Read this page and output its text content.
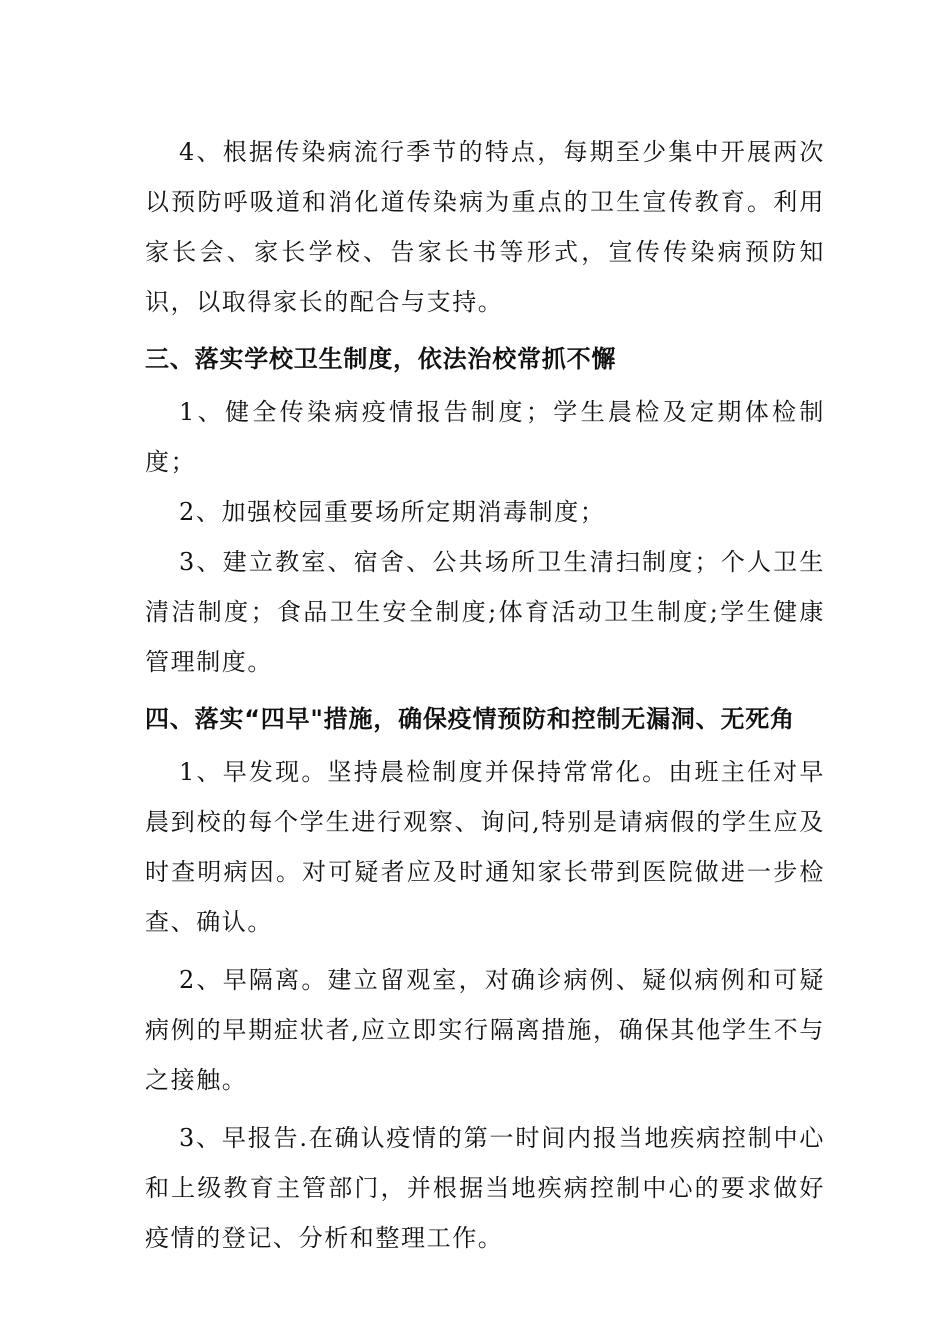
4、根据传染病流行季节的特点，每期至少集中开展两次以预防呼吸道和消化道传染病为重点的卫生宣传教育。利用家长会、家长学校、告家长书等形式，宣传传染病预防知识，以取得家长的配合与支持。

三、落实学校卫生制度，依法治校常抓不懈

1、健全传染病疫情报告制度；学生晨检及定期体检制度；

2、加强校园重要场所定期消毒制度；

3、建立教室、宿舍、公共场所卫生清扫制度；个人卫生清洁制度；食品卫生安全制度;体育活动卫生制度;学生健康管理制度。

四、落实“四早"措施，确保疫情预防和控制无漏洞、无死角

1、早发现。坚持晨检制度并保持常常化。由班主任对早晨到校的每个学生进行观察、询问,特别是请病假的学生应及时查明病因。对可疑者应及时通知家长带到医院做进一步检查、确认。

2、早隔离。建立留观室，对确诊病例、疑似病例和可疑病例的早期症状者,应立即实行隔离措施，确保其他学生不与之接触。

3、早报告.在确认疫情的第一时间内报当地疾病控制中心和上级教育主管部门，并根据当地疾病控制中心的要求做好疫情的登记、分析和整理工作。
